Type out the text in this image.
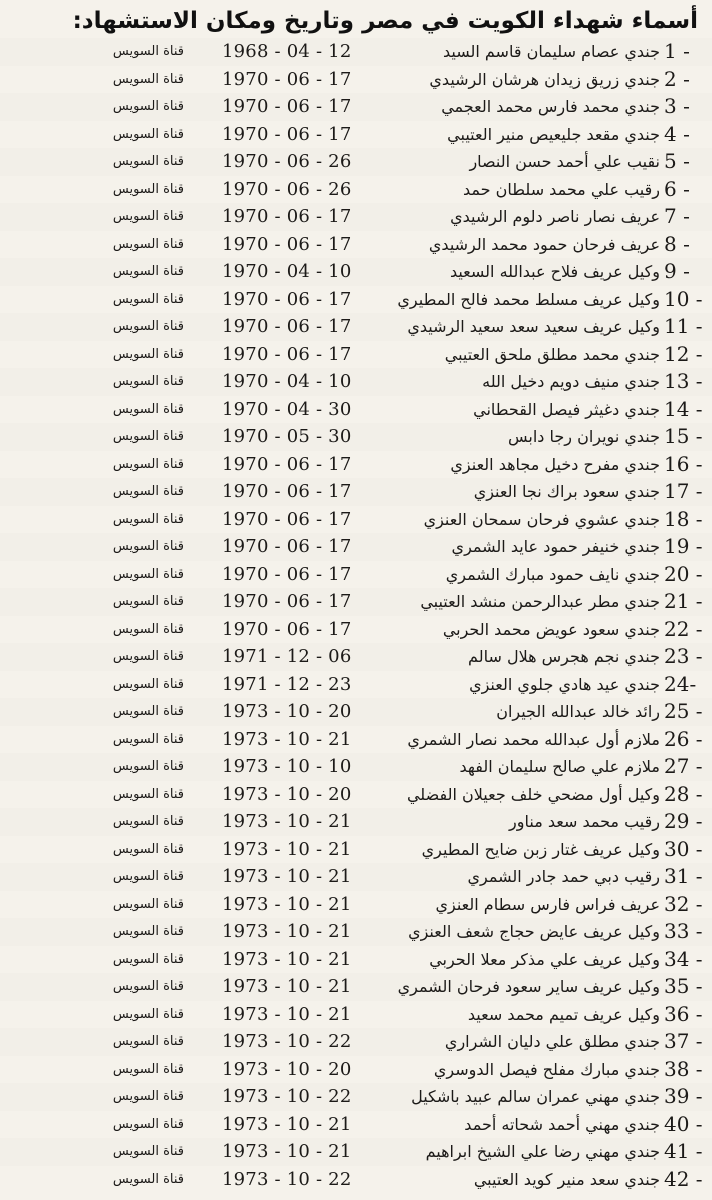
أسماء شهداء الكويت في مصر وتاريخ ومكان الاستشهاد:
1 -
جندي عصام سليمان قاسم السيد
1968 - 04 - 12
قناة السويس
2 -
جندي زريق زيدان هرشان الرشيدي
1970 - 06 - 17
قناة السويس
3 -
جندي محمد فارس محمد العجمي
1970 - 06 - 17
قناة السويس
4 -
جندي مقعد جليعيص منير العتيبي
1970 - 06 - 17
قناة السويس
5 -
نقيب علي أحمد حسن النصار
1970 - 06 - 26
قناة السويس
6 -
رقيب علي محمد سلطان حمد
1970 - 06 - 26
قناة السويس
7 -
عريف نصار ناصر دلوم الرشيدي
1970 - 06 - 17
قناة السويس
8 -
عريف فرحان حمود محمد الرشيدي
1970 - 06 - 17
قناة السويس
9 -
وكيل عريف فلاح عبدالله السعيد
1970 - 04 - 10
قناة السويس
10 -
وكيل عريف مسلط محمد فالح المطيري
1970 - 06 - 17
قناة السويس
11 -
وكيل عريف سعيد سعد سعيد الرشيدي
1970 - 06 - 17
قناة السويس
12 -
جندي محمد مطلق ملحق العتيبي
1970 - 06 - 17
قناة السويس
13 -
جندي منيف دويم دخيل الله
1970 - 04 - 10
قناة السويس
14 -
جندي دغيثر فيصل القحطاني
1970 - 04 - 30
قناة السويس
15 -
جندي نويران رجا دابس
1970 - 05 - 30
قناة السويس
16 -
جندي مفرح دخيل مجاهد العنزي
1970 - 06 - 17
قناة السويس
17 -
جندي سعود براك نجا العنزي
1970 - 06 - 17
قناة السويس
18 -
جندي عشوي فرحان سمحان العنزي
1970 - 06 - 17
قناة السويس
19 -
جندي خنيفر حمود عايد الشمري
1970 - 06 - 17
قناة السويس
20 -
جندي نايف حمود مبارك الشمري
1970 - 06 - 17
قناة السويس
21 -
جندي مطر عبدالرحمن منشد العتيبي
1970 - 06 - 17
قناة السويس
22 -
جندي سعود عويض محمد الحربي
1970 - 06 - 17
قناة السويس
23 -
جندي نجم هجرس هلال سالم
1971 - 12 - 06
قناة السويس
24-
جندي عيد هادي جلوي العنزي
1971 - 12 - 23
قناة السويس
25 -
رائد خالد عبدالله الجيران
1973 - 10 - 20
قناة السويس
26 -
ملازم أول عبدالله محمد نصار الشمري
1973 - 10 - 21
قناة السويس
27 -
ملازم علي صالح سليمان الفهد
1973 - 10 - 10
قناة السويس
28 -
وكيل أول مضحي خلف جعيلان الفضلي
1973 - 10 - 20
قناة السويس
29 -
رقيب محمد سعد مناور
1973 - 10 - 21
قناة السويس
30 -
وكيل عريف غتار زبن ضايح المطيري
1973 - 10 - 21
قناة السويس
31 -
رقيب دبي حمد جادر الشمري
1973 - 10 - 21
قناة السويس
32 -
عريف فراس فارس سطام العنزي
1973 - 10 - 21
قناة السويس
33 -
وكيل عريف عايض حجاج شعف العنزي
1973 - 10 - 21
قناة السويس
34 -
وكيل عريف علي مذكر معلا الحربي
1973 - 10 - 21
قناة السويس
35 -
وكيل عريف ساير سعود فرحان الشمري
1973 - 10 - 21
قناة السويس
36 -
وكيل عريف تميم محمد سعيد
1973 - 10 - 21
قناة السويس
37 -
جندي مطلق علي دليان الشراري
1973 - 10 - 22
قناة السويس
38 -
جندي مبارك مفلح فيصل الدوسري
1973 - 10 - 20
قناة السويس
39 -
جندي مهني عمران سالم عبيد باشكيل
1973 - 10 - 22
قناة السويس
40 -
جندي مهني أحمد شحاته أحمد
1973 - 10 - 21
قناة السويس
41 -
جندي مهني رضا علي الشيخ ابراهيم
1973 - 10 - 21
قناة السويس
42 -
جندي سعد منير كويد العتيبي
1973 - 10 - 22
قناة السويس
